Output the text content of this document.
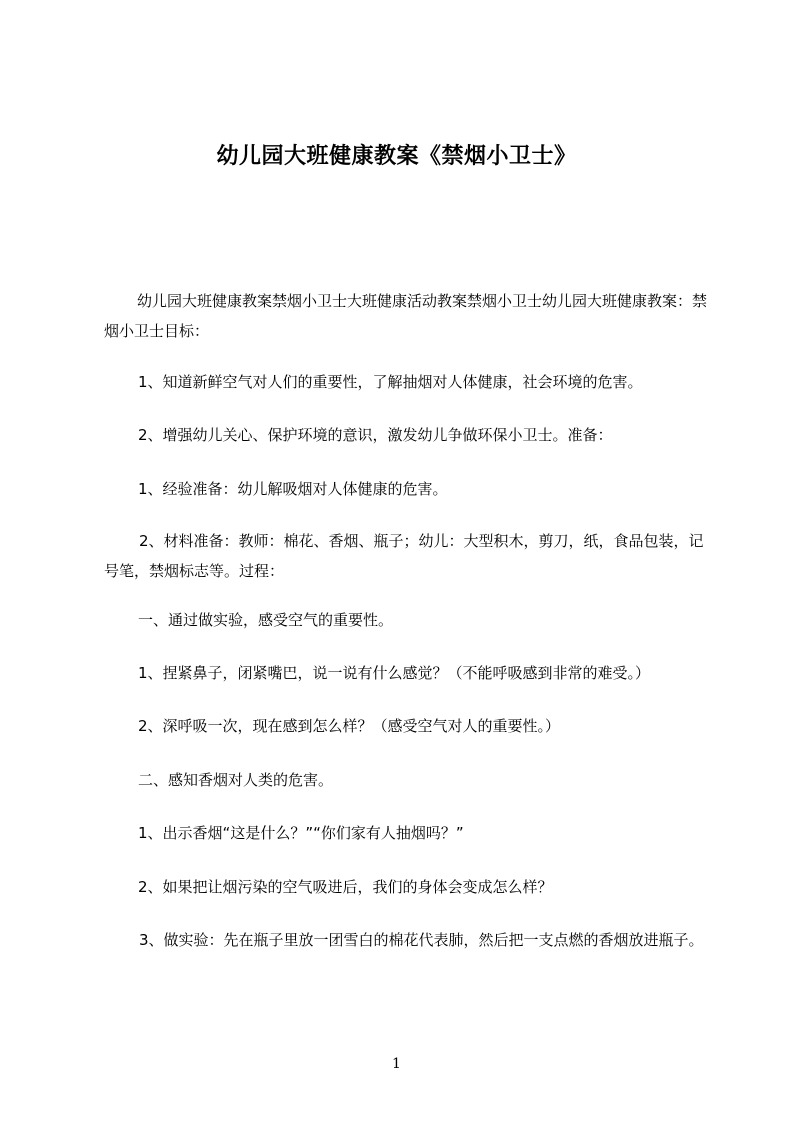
幼儿园大班健康教案《禁烟小卫士》

幼儿园大班健康教案禁烟小卫士大班健康活动教案禁烟小卫士幼儿园大班健康教案：禁烟小卫士目标：

1、知道新鲜空气对人们的重要性，了解抽烟对人体健康，社会环境的危害。

2、增强幼儿关心、保护环境的意识，激发幼儿争做环保小卫士。准备：

1、经验准备：幼儿解吸烟对人体健康的危害。

2、材料准备：教师：棉花、香烟、瓶子；幼儿：大型积木，剪刀，纸，食品包装，记号笔，禁烟标志等。过程：

一、通过做实验，感受空气的重要性。

1、捏紧鼻子，闭紧嘴巴，说一说有什么感觉？（不能呼吸感到非常的难受。）

2、深呼吸一次，现在感到怎么样？（感受空气对人的重要性。）

二、感知香烟对人类的危害。

1、出示香烟“这是什么？”“你们家有人抽烟吗？”

2、如果把让烟污染的空气吸进后，我们的身体会变成怎么样？

3、做实验：先在瓶子里放一团雪白的棉花代表肺，然后把一支点燃的香烟放进瓶子。

1
